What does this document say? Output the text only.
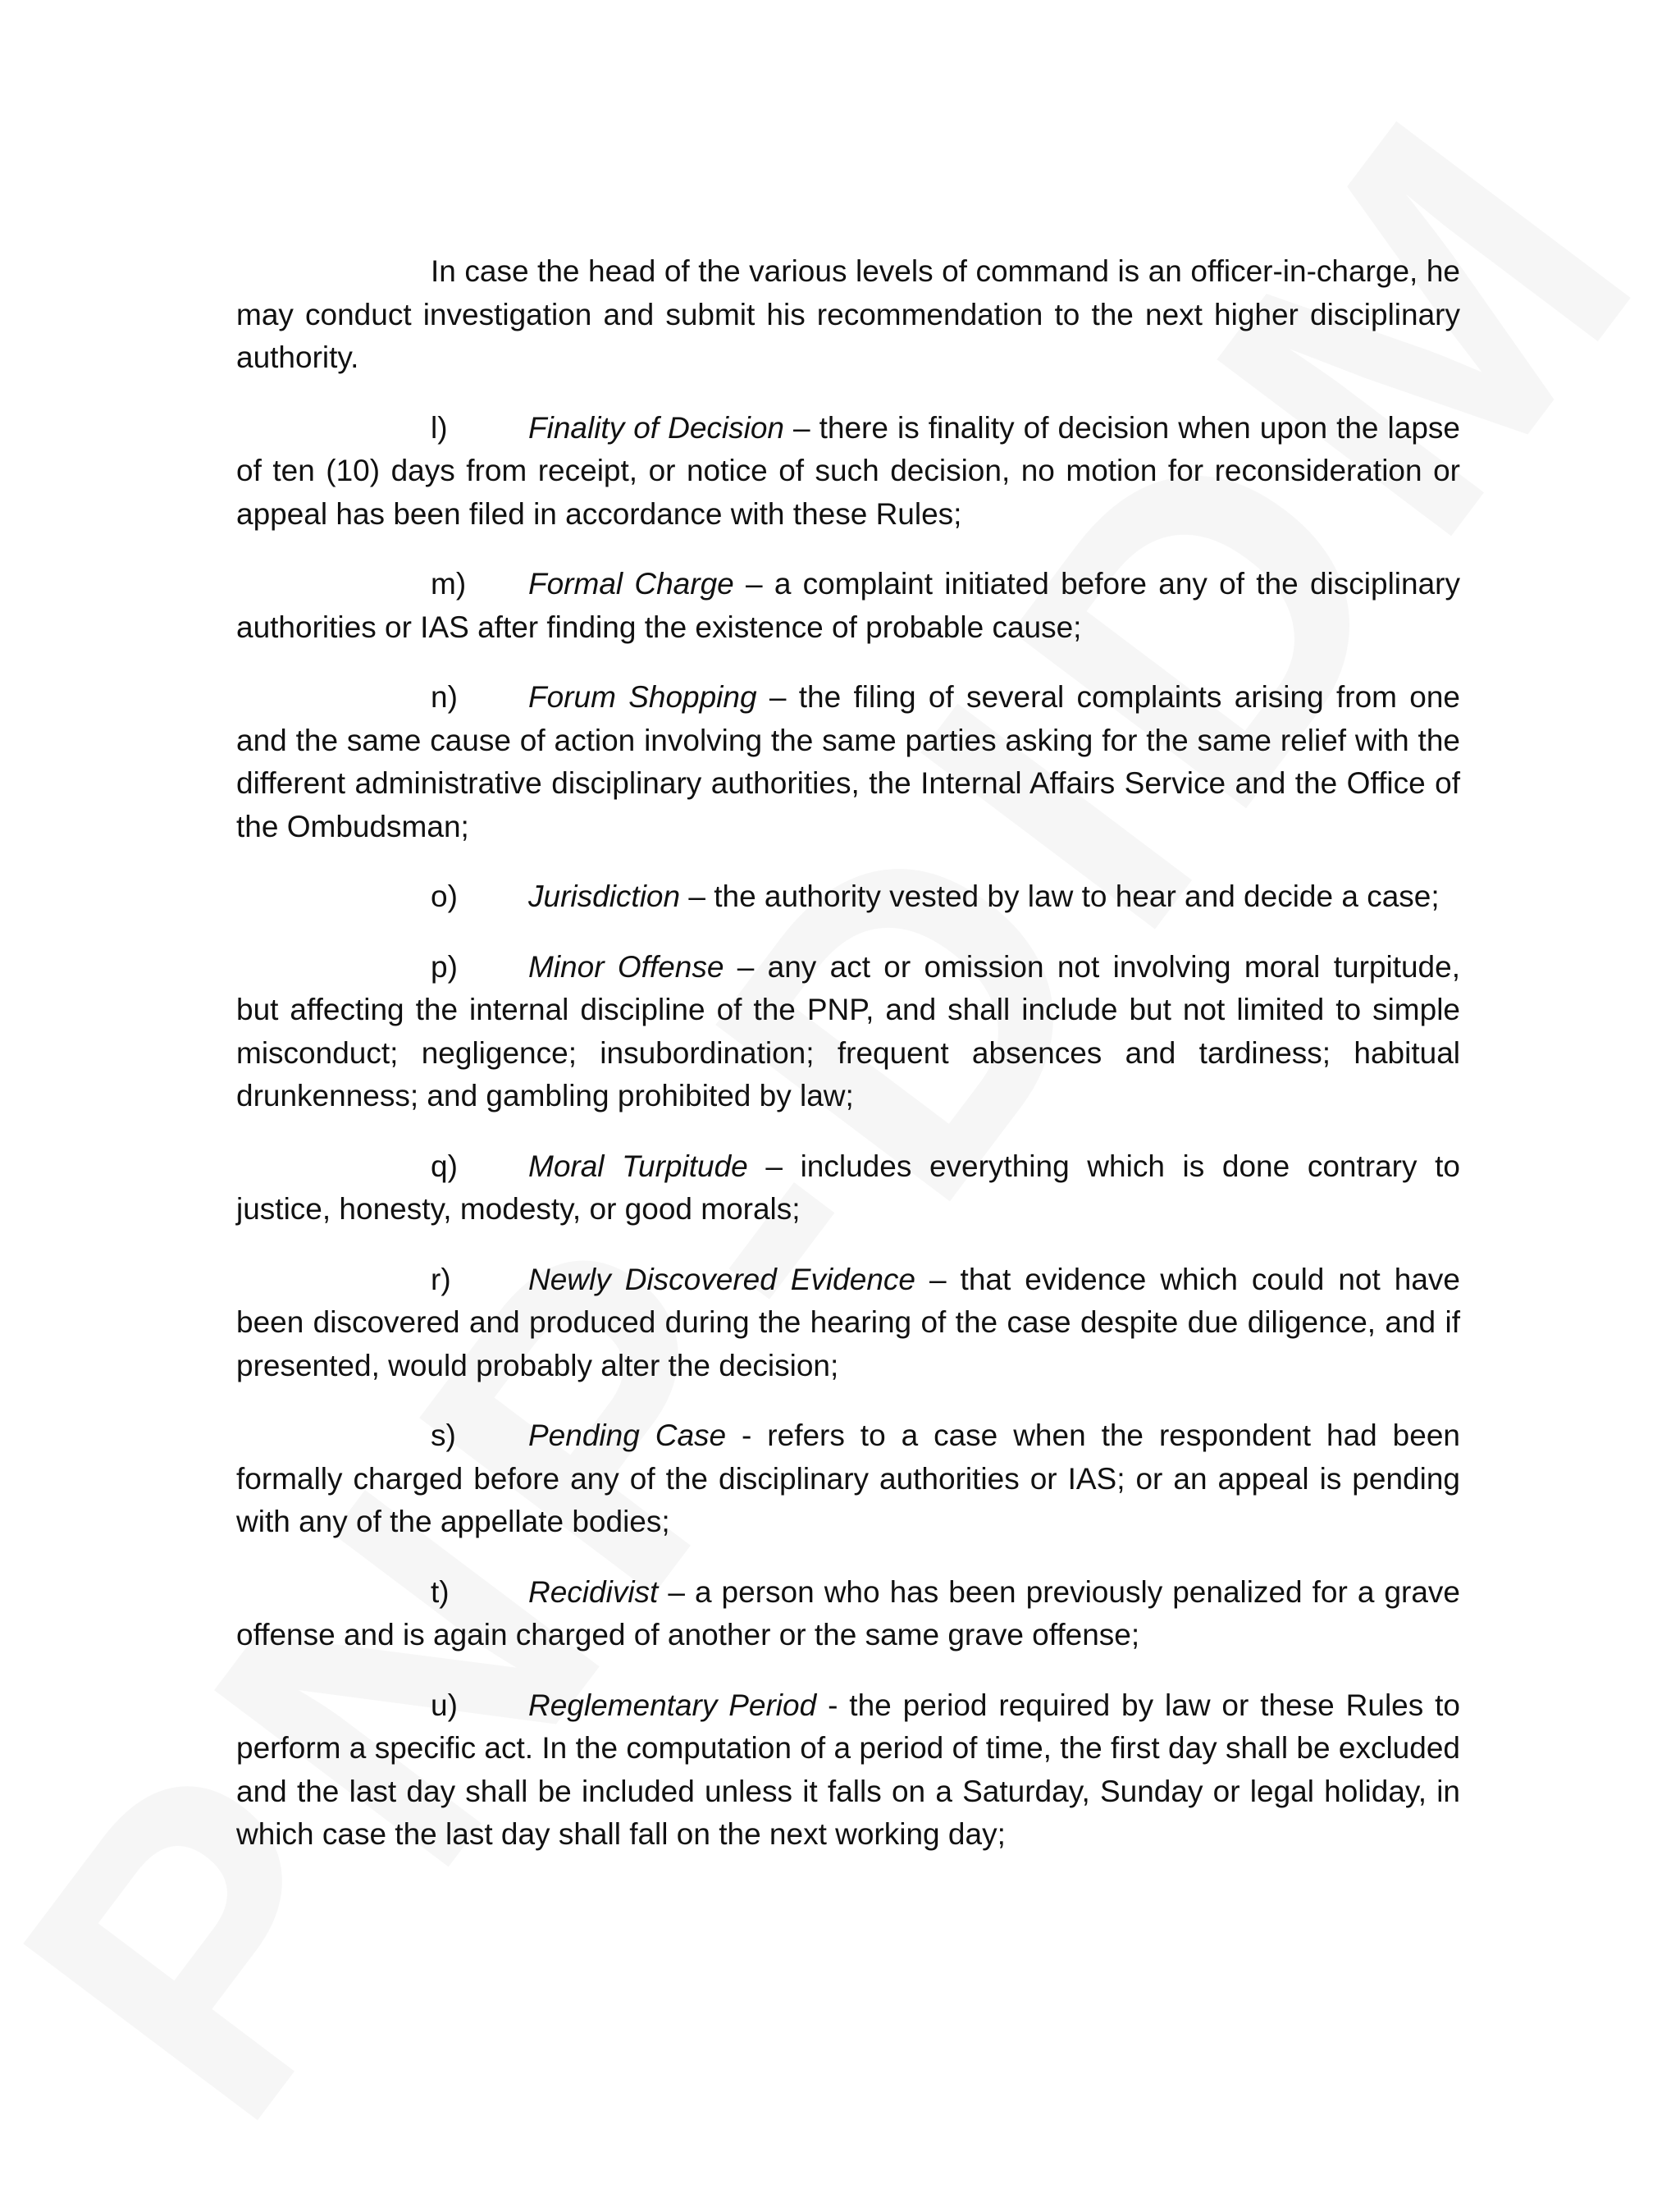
In case the head of the various levels of command is an officer-in-charge, he may conduct investigation and submit his recommendation to the next higher disciplinary authority.

l)	Finality of Decision – there is finality of decision when upon the lapse of ten (10) days from receipt, or notice of such decision, no motion for reconsideration or appeal has been filed in accordance with these Rules;

m) Formal Charge – a complaint initiated before any of the disciplinary authorities or IAS after finding the existence of probable cause;

n) Forum Shopping – the filing of several complaints arising from one and the same cause of action involving the same parties asking for the same relief with the different administrative disciplinary authorities, the Internal Affairs Service and the Office of the Ombudsman;

o) Jurisdiction – the authority vested by law to hear and decide a case;

p) Minor Offense – any act or omission not involving moral turpitude, but affecting the internal discipline of the PNP, and shall include but not limited to simple misconduct; negligence; insubordination; frequent absences and tardiness; habitual drunkenness; and gambling prohibited by law;

q) Moral Turpitude – includes everything which is done contrary to justice, honesty, modesty, or good morals;

r)	Newly Discovered Evidence – that evidence which could not have been discovered and produced during the hearing of the case despite due diligence, and if presented, would probably alter the decision;

s) Pending Case - refers to a case when the respondent had been formally charged before any of the disciplinary authorities or IAS; or an appeal is pending with any of the appellate bodies;

t)	Recidivist – a person who has been previously penalized for a grave offense and is again charged of another or the same grave offense;

u) Reglementary Period - the period required by law or these Rules to perform a specific act. In the computation of a period of time, the first day shall be excluded and the last day shall be included unless it falls on a Saturday, Sunday or legal holiday, in which case the last day shall fall on the next working day;
